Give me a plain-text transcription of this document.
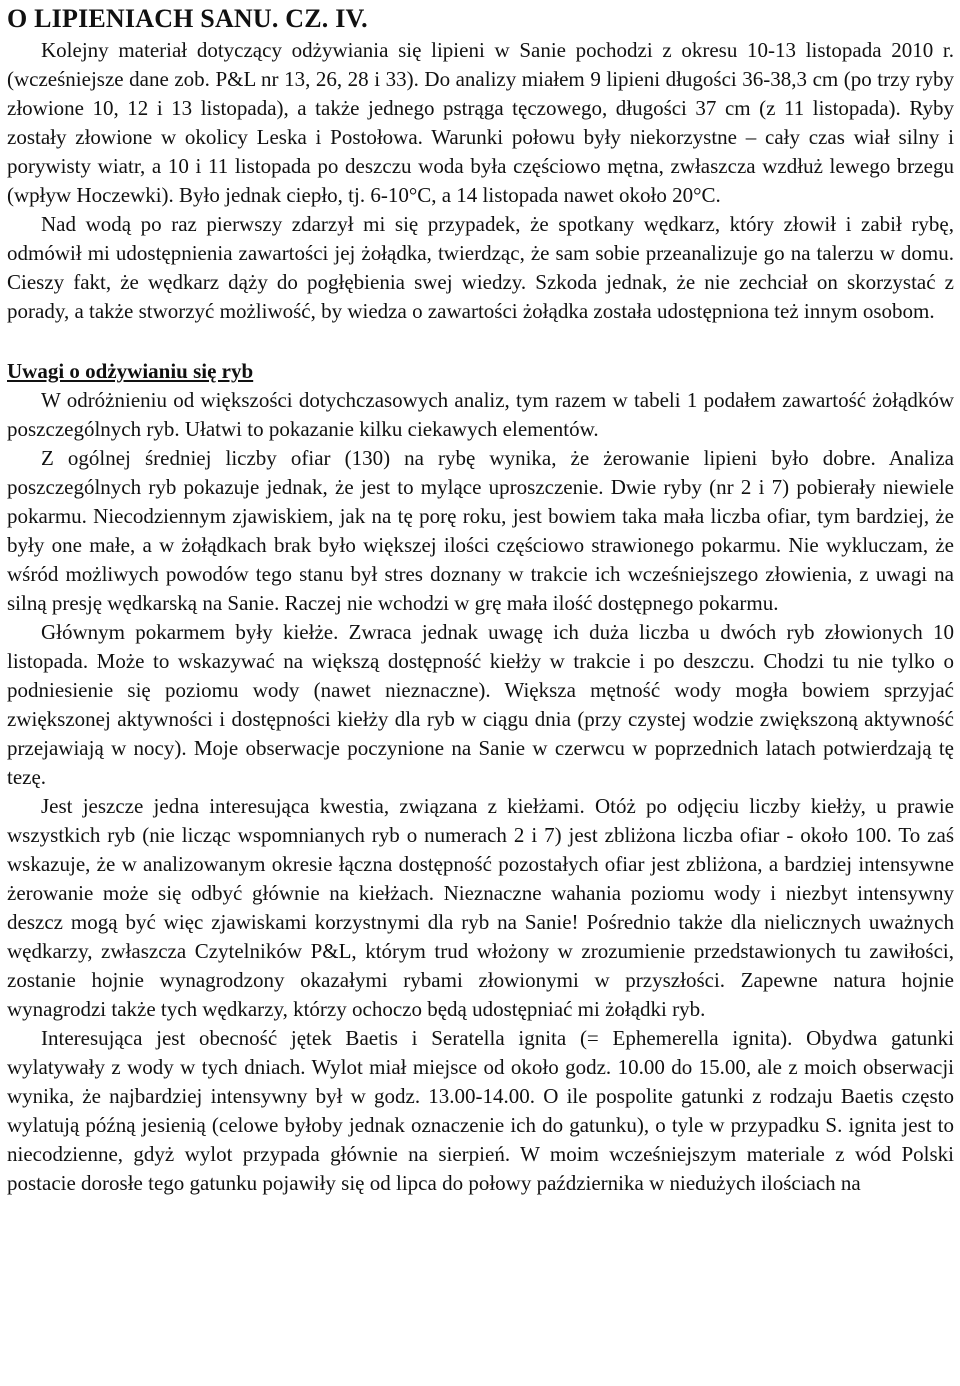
O LIPIENIACH SANU. CZ. IV.

Kolejny materiał dotyczący odżywiania się lipieni w Sanie pochodzi z okresu 10-13 listopada 2010 r. (wcześniejsze dane zob. P&L nr 13, 26, 28 i 33). Do analizy miałem 9 lipieni długości 36-38,3 cm (po trzy ryby złowione 10, 12 i 13 listopada), a także jednego pstrąga tęczowego, długości 37 cm (z 11 listopada). Ryby zostały złowione w okolicy Leska i Postołowa. Warunki połowu były niekorzystne – cały czas wiał silny i porywisty wiatr, a 10 i 11 listopada po deszczu woda była częściowo mętna, zwłaszcza wzdłuż lewego brzegu (wpływ Hoczewki). Było jednak ciepło, tj. 6-10°C, a 14 listopada nawet około 20°C.

Nad wodą po raz pierwszy zdarzył mi się przypadek, że spotkany wędkarz, który złowił i zabił rybę, odmówił mi udostępnienia zawartości jej żołądka, twierdząc, że sam sobie przeanalizuje go na talerzu w domu. Cieszy fakt, że wędkarz dąży do pogłębienia swej wiedzy. Szkoda jednak, że nie zechciał on skorzystać z porady, a także stworzyć możliwość, by wiedza o zawartości żołądka została udostępniona też innym osobom.

Uwagi o odżywianiu się ryb

W odróżnieniu od większości dotychczasowych analiz, tym razem w tabeli 1 podałem zawartość żołądków poszczególnych ryb. Ułatwi to pokazanie kilku ciekawych elementów.

Z ogólnej średniej liczby ofiar (130) na rybę wynika, że żerowanie lipieni było dobre. Analiza poszczególnych ryb pokazuje jednak, że jest to mylące uproszczenie. Dwie ryby (nr 2 i 7) pobierały niewiele pokarmu. Niecodziennym zjawiskiem, jak na tę porę roku, jest bowiem taka mała liczba ofiar, tym bardziej, że były one małe, a w żołądkach brak było większej ilości częściowo strawionego pokarmu. Nie wykluczam, że wśród możliwych powodów tego stanu był stres doznany w trakcie ich wcześniejszego złowienia, z uwagi na silną presję wędkarską na Sanie. Raczej nie wchodzi w grę mała ilość dostępnego pokarmu.

Głównym pokarmem były kiełże. Zwraca jednak uwagę ich duża liczba u dwóch ryb złowionych 10 listopada. Może to wskazywać na większą dostępność kiełży w trakcie i po deszczu. Chodzi tu nie tylko o podniesienie się poziomu wody (nawet nieznaczne). Większa mętność wody mogła bowiem sprzyjać zwiększonej aktywności i dostępności kiełży dla ryb w ciągu dnia (przy czystej wodzie zwiększoną aktywność przejawiają w nocy). Moje obserwacje poczynione na Sanie w czerwcu w poprzednich latach potwierdzają tę tezę.

Jest jeszcze jedna interesująca kwestia, związana z kiełżami. Otóż po odjęciu liczby kiełży, u prawie wszystkich ryb (nie licząc wspomnianych ryb o numerach 2 i 7) jest zbliżona liczba ofiar - około 100. To zaś wskazuje, że w analizowanym okresie łączna dostępność pozostałych ofiar jest zbliżona, a bardziej intensywne żerowanie może się odbyć głównie na kiełżach. Nieznaczne wahania poziomu wody i niezbyt intensywny deszcz mogą być więc zjawiskami korzystnymi dla ryb na Sanie! Pośrednio także dla nielicznych uważnych wędkarzy, zwłaszcza Czytelników P&L, którym trud włożony w zrozumienie przedstawionych tu zawiłości, zostanie hojnie wynagrodzony okazałymi rybami złowionymi w przyszłości. Zapewne natura hojnie wynagrodzi także tych wędkarzy, którzy ochoczo będą udostępniać mi żołądki ryb.

Interesująca jest obecność jętek Baetis i Seratella ignita (= Ephemerella ignita). Obydwa gatunki wylatywały z wody w tych dniach. Wylot miał miejsce od około godz. 10.00 do 15.00, ale z moich obserwacji wynika, że najbardziej intensywny był w godz. 13.00-14.00. O ile pospolite gatunki z rodzaju Baetis często wylatują późną jesienią (celowe byłoby jednak oznaczenie ich do gatunku), o tyle w przypadku S. ignita jest to niecodzienne, gdyż wylot przypada głównie na sierpień. W moim wcześniejszym materiale z wód Polski postacie dorosłe tego gatunku pojawiły się od lipca do połowy października w niedużych ilościach na
